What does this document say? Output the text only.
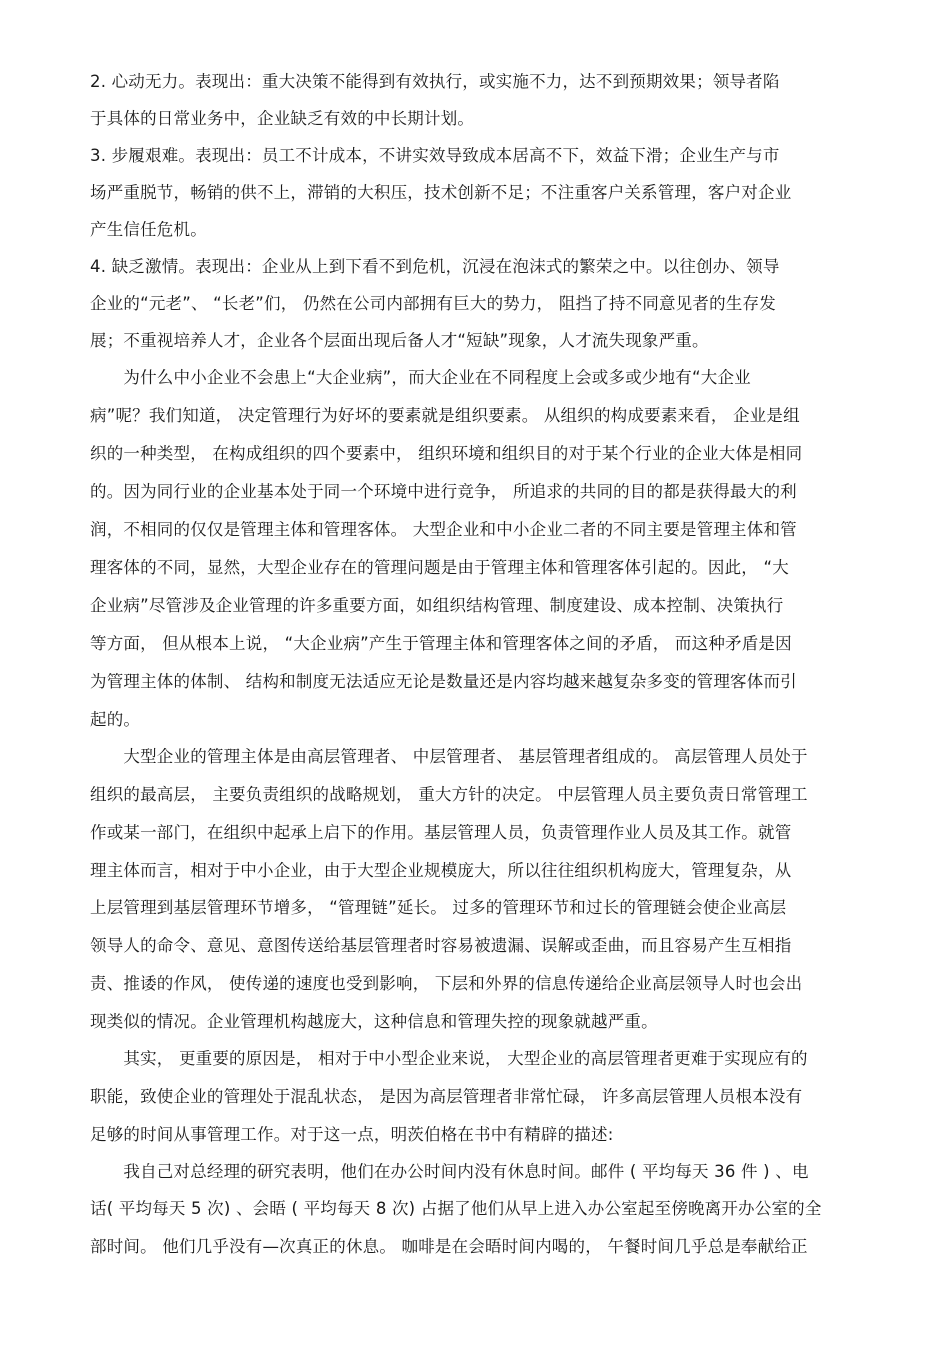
2. 心动无力。表现出：重大决策不能得到有效执行，或实施不力，达不到预期效果；领导者陷
于具体的日常业务中，企业缺乏有效的中长期计划。
3. 步履艰难。表现出：员工不计成本，不讲实效导致成本居高不下，效益下滑；企业生产与市
场严重脱节，畅销的供不上，滞销的大积压，技术创新不足；不注重客户关系管理，客户对企业
产生信任危机。
4. 缺乏激情。表现出：企业从上到下看不到危机，沉浸在泡沫式的繁荣之中。以往创办、领导
企业的“元老”、 “长老”们， 仍然在公司内部拥有巨大的势力， 阻挡了持不同意见者的生存发
展；不重视培养人才，企业各个层面出现后备人才“短缺”现象，人才流失现象严重。
　　为什么中小企业不会患上“大企业病”，而大企业在不同程度上会或多或少地有“大企业
病”呢？我们知道， 决定管理行为好坏的要素就是组织要素。 从组织的构成要素来看， 企业是组
织的一种类型， 在构成组织的四个要素中， 组织环境和组织目的对于某个行业的企业大体是相同
的。因为同行业的企业基本处于同一个环境中进行竞争， 所追求的共同的目的都是获得最大的利
润，不相同的仅仅是管理主体和管理客体。 大型企业和中小企业二者的不同主要是管理主体和管
理客体的不同，显然，大型企业存在的管理问题是由于管理主体和管理客体引起的。因此， “大
企业病”尽管涉及企业管理的许多重要方面，如组织结构管理、制度建设、成本控制、决策执行
等方面， 但从根本上说， “大企业病”产生于管理主体和管理客体之间的矛盾， 而这种矛盾是因
为管理主体的体制、 结构和制度无法适应无论是数量还是内容均越来越复杂多变的管理客体而引
起的。
　　大型企业的管理主体是由高层管理者、 中层管理者、 基层管理者组成的。 高层管理人员处于
组织的最高层， 主要负责组织的战略规划， 重大方针的决定。 中层管理人员主要负责日常管理工
作或某一部门，在组织中起承上启下的作用。基层管理人员，负责管理作业人员及其工作。就管
理主体而言，相对于中小企业，由于大型企业规模庞大，所以往往组织机构庞大，管理复杂，从
上层管理到基层管理环节增多， “管理链”延长。 过多的管理环节和过长的管理链会使企业高层
领导人的命令、意见、意图传送给基层管理者时容易被遗漏、误解或歪曲，而且容易产生互相指
责、推诿的作风， 使传递的速度也受到影响， 下层和外界的信息传递给企业高层领导人时也会出
现类似的情况。企业管理机构越庞大，这种信息和管理失控的现象就越严重。
　　其实， 更重要的原因是， 相对于中小型企业来说， 大型企业的高层管理者更难于实现应有的
职能，致使企业的管理处于混乱状态， 是因为高层管理者非常忙碌， 许多高层管理人员根本没有
足够的时间从事管理工作。对于这一点，明茨伯格在书中有精辟的描述:
　　我自己对总经理的研究表明，他们在办公时间内没有休息时间。邮件 ( 平均每天 36 件 ) 、电
话( 平均每天 5 次) 、会晤 ( 平均每天 8 次) 占据了他们从早上进入办公室起至傍晚离开办公室的全
部时间。 他们几乎没有—次真正的休息。 咖啡是在会晤时间内喝的， 午餐时间几乎总是奉献给正
